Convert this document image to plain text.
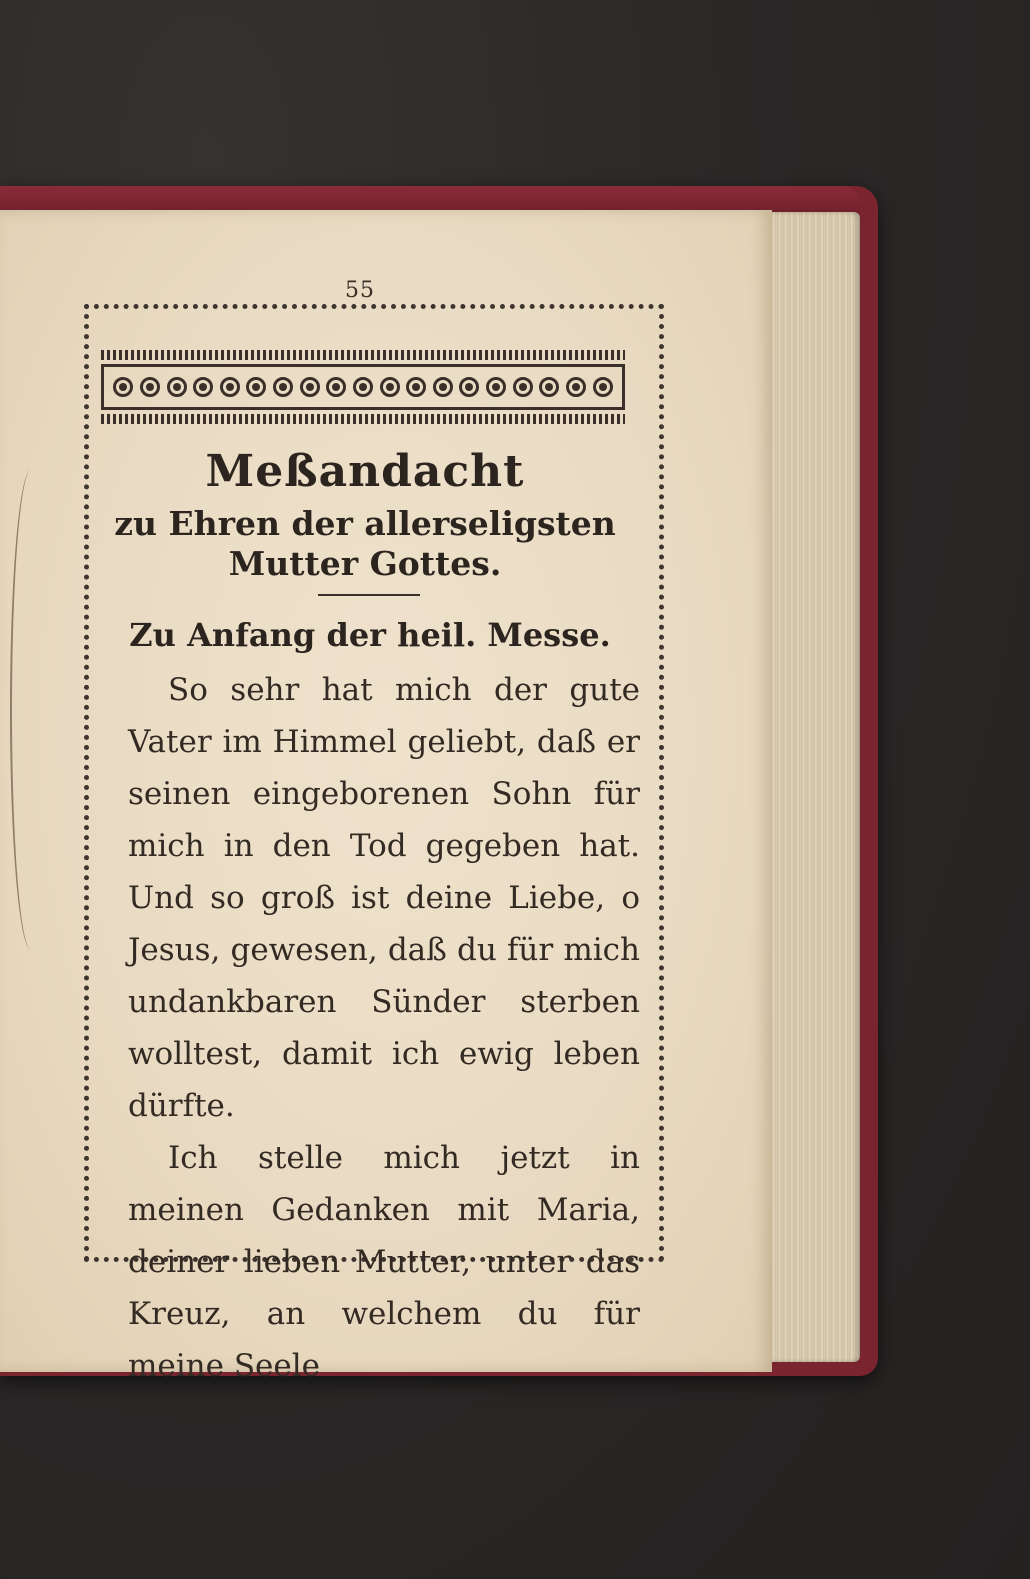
55
Meßandacht
zu Ehren der allerseligsten
Mutter Gottes.
Zu Anfang der heil. Messe.

So sehr hat mich der gute Vater im Himmel geliebt, daß er seinen eingeborenen Sohn für mich in den Tod gegeben hat. Und so groß ist deine Liebe, o Jesus, gewesen, daß du für mich undankbaren Sünder sterben wolltest, damit ich ewig leben dürfte.

Ich stelle mich jetzt in meinen Gedanken mit Maria, deiner lieben Mutter, unter das Kreuz, an welchem du für meine Seele
